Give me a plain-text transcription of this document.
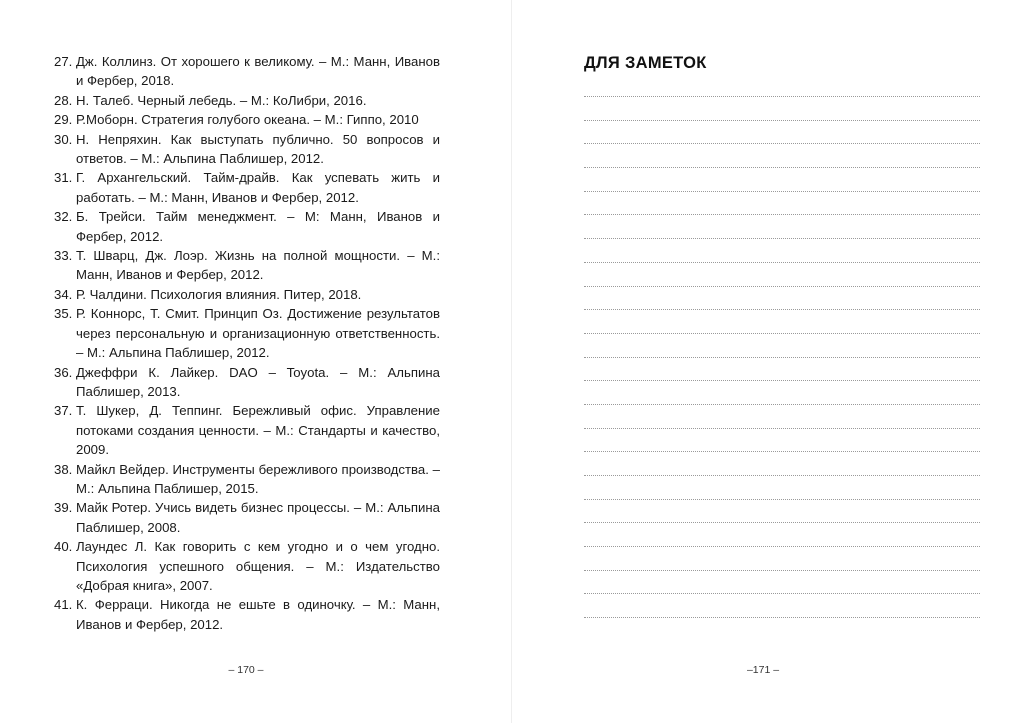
27. Дж. Коллинз. От хорошего к великому. – М.: Манн, Иванов и Фербер, 2018.
28. Н. Талеб. Черный лебедь. – М.: КоЛибри, 2016.
29. Р.Моборн. Стратегия голубого океана. – М.: Гиппо, 2010
30. Н. Непряхин. Как выступать публично. 50 вопросов и ответов. – М.: Альпина Паблишер, 2012.
31. Г. Архангельский. Тайм-драйв. Как успевать жить и работать. – М.: Манн, Иванов и Фербер, 2012.
32. Б. Трейси. Тайм менеджмент. – М: Манн, Иванов и Фербер, 2012.
33. Т. Шварц, Дж. Лоэр. Жизнь на полной мощности. – М.: Манн, Иванов и Фербер, 2012.
34. Р. Чалдини. Психология влияния. Питер, 2018.
35. Р. Коннорс, Т. Смит. Принцип Оз. Достижение результатов через персональную и организационную ответственность. – М.: Альпина Паблишер, 2012.
36. Джеффри К. Лайкер. DAO – Toyota. – М.: Альпина Паблишер, 2013.
37. Т. Шукер, Д. Теппинг. Бережливый офис. Управление потоками создания ценности. – М.: Стандарты и качество, 2009.
38. Майкл Вейдер. Инструменты бережливого производства. – М.: Альпина Паблишер, 2015.
39. Майк Ротер. Учись видеть бизнес процессы. – М.: Альпина Паблишер, 2008.
40. Лаундес Л. Как говорить с кем угодно и о чем угодно. Психология успешного общения. – М.: Издательство «Добрая книга», 2007.
41. К. Ферраци. Никогда не ешьте в одиночку. – М.: Манн, Иванов и Фербер, 2012.
– 170 –
ДЛЯ ЗАМЕТОК
–171 –
